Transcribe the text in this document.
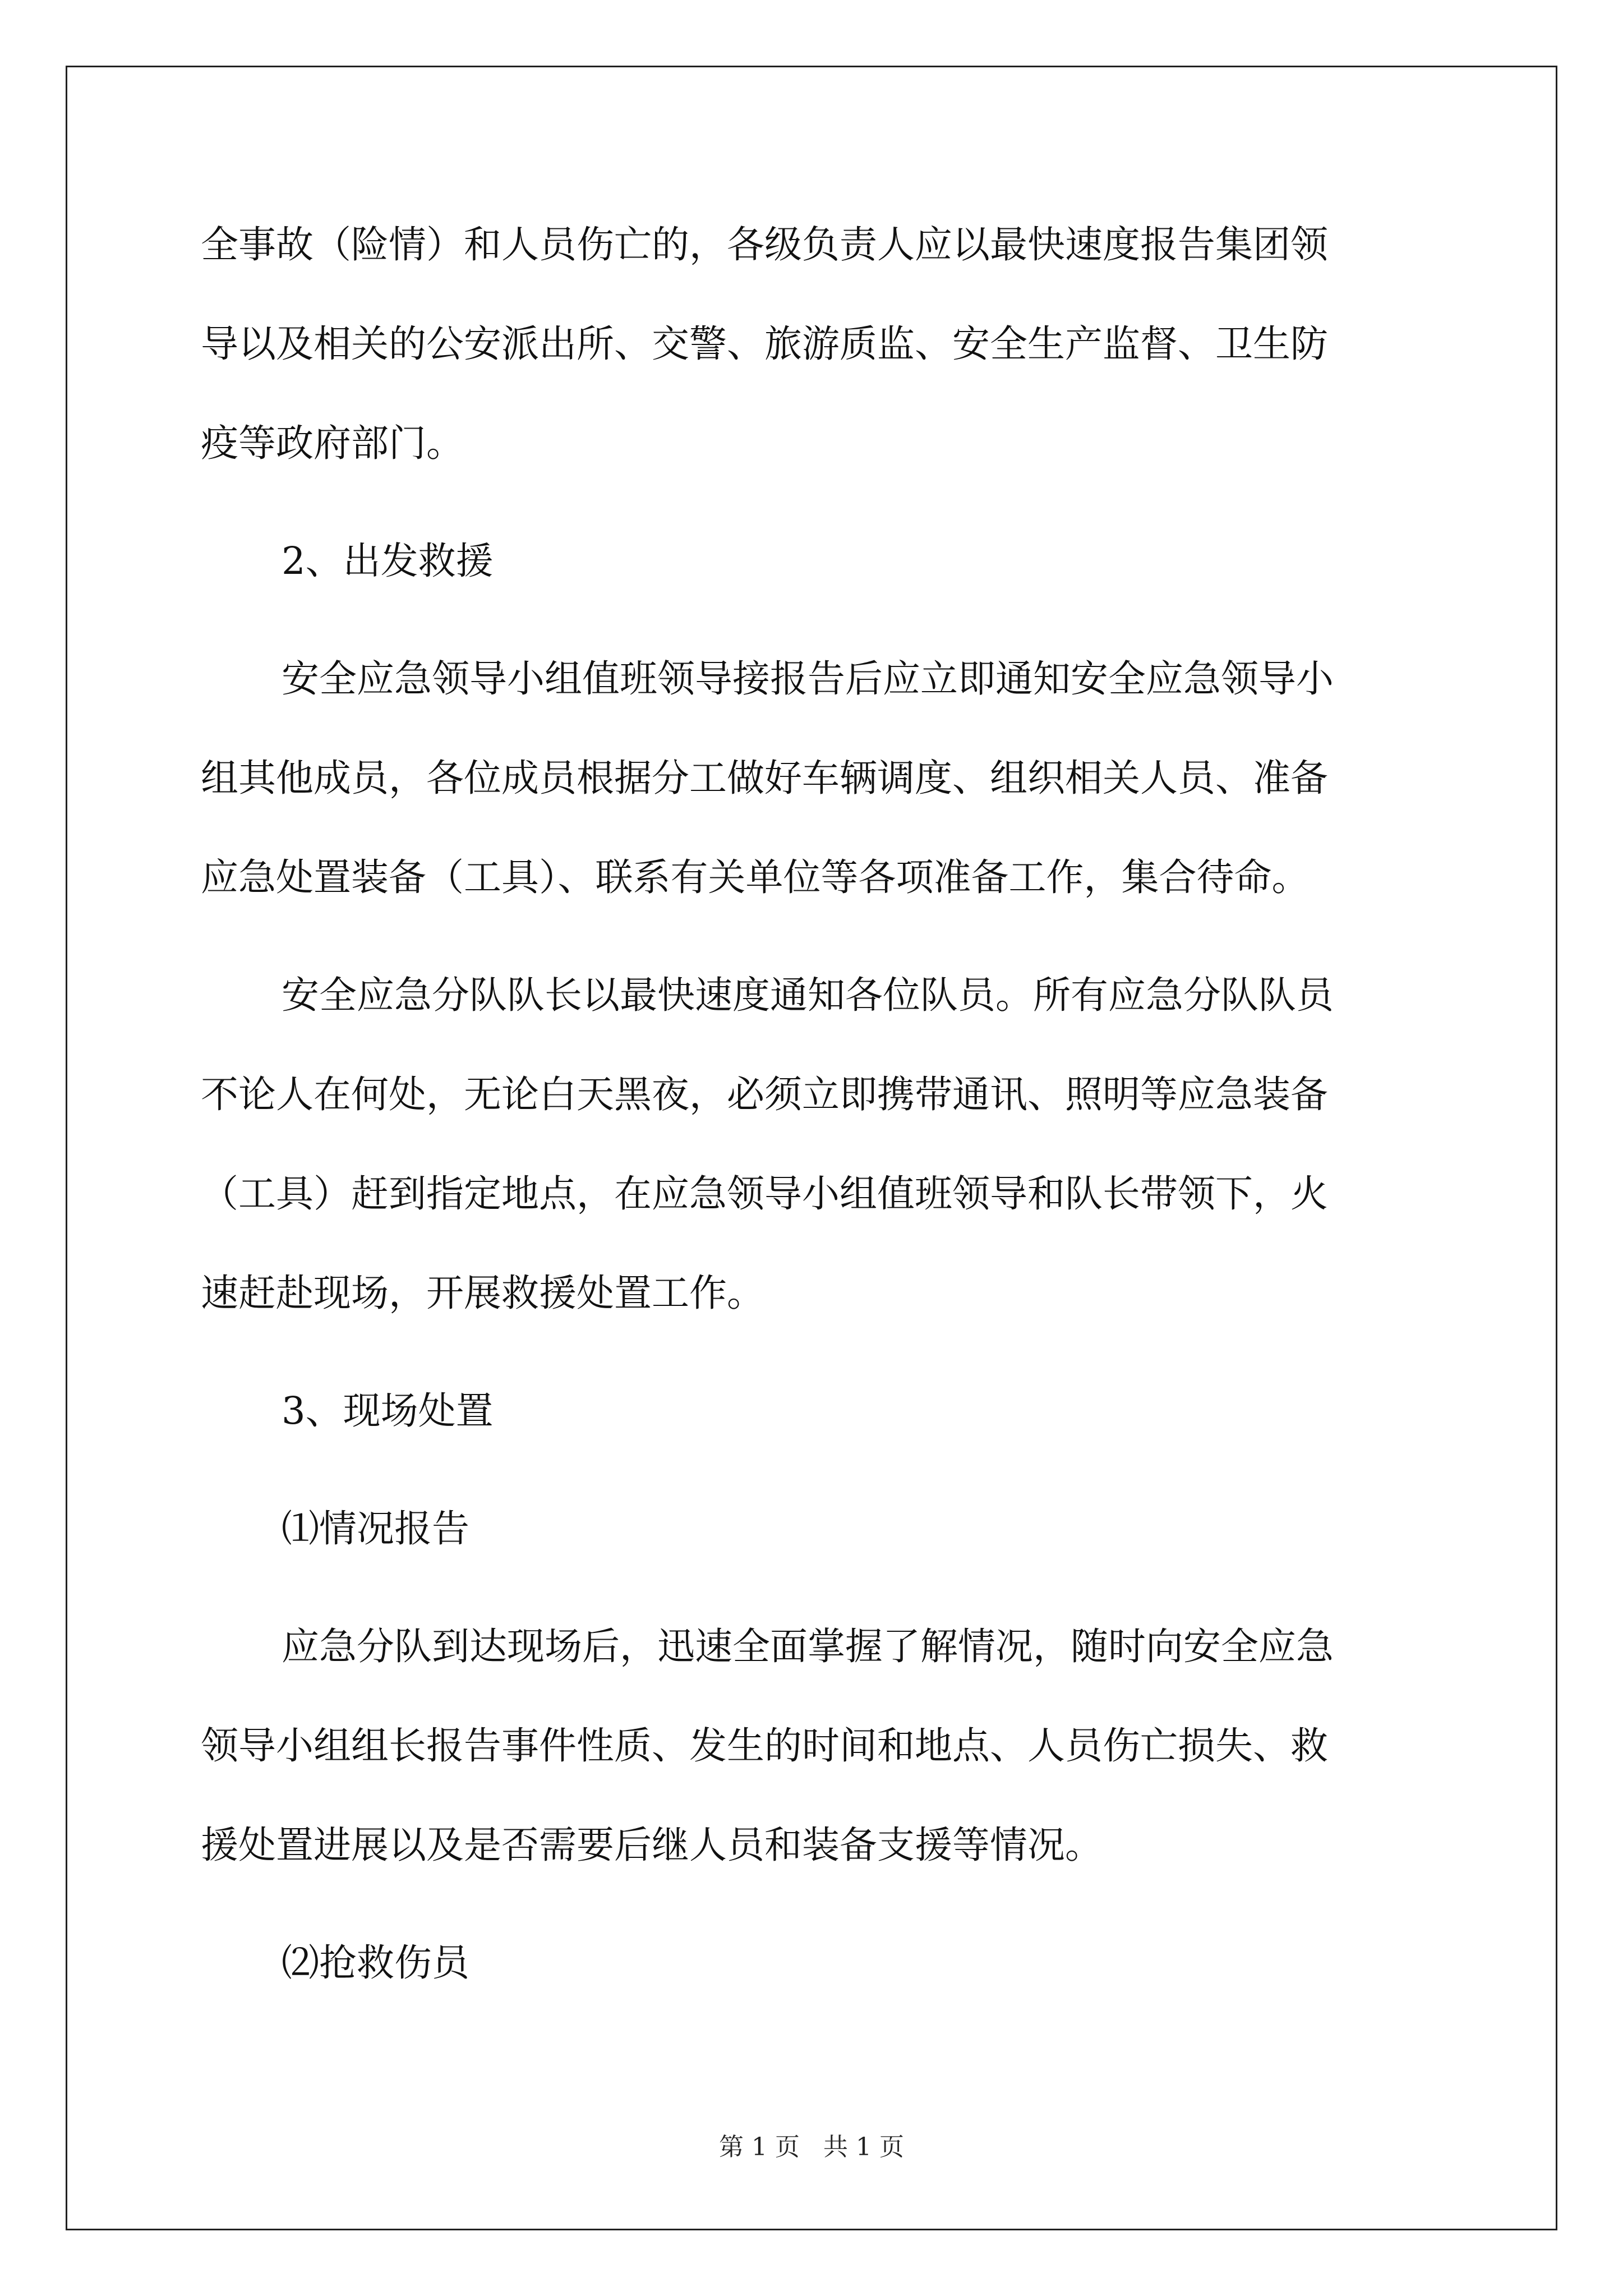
全事故（险情）和人员伤亡的，各级负责人应以最快速度报告集团领
导以及相关的公安派出所、交警、旅游质监、安全生产监督、卫生防
疫等政府部门。
2、出发救援
安全应急领导小组值班领导接报告后应立即通知安全应急领导小
组其他成员，各位成员根据分工做好车辆调度、组织相关人员、准备
应急处置装备（工具）、联系有关单位等各项准备工作，集合待命。
安全应急分队队长以最快速度通知各位队员。所有应急分队队员
不论人在何处，无论白天黑夜，必须立即携带通讯、照明等应急装备
（工具）赶到指定地点，在应急领导小组值班领导和队长带领下，火
速赶赴现场，开展救援处置工作。
3、现场处置
⑴情况报告
应急分队到达现场后，迅速全面掌握了解情况，随时向安全应急
领导小组组长报告事件性质、发生的时间和地点、人员伤亡损失、救
援处置进展以及是否需要后继人员和装备支援等情况。
⑵抢救伤员
第 1 页   共 1 页
